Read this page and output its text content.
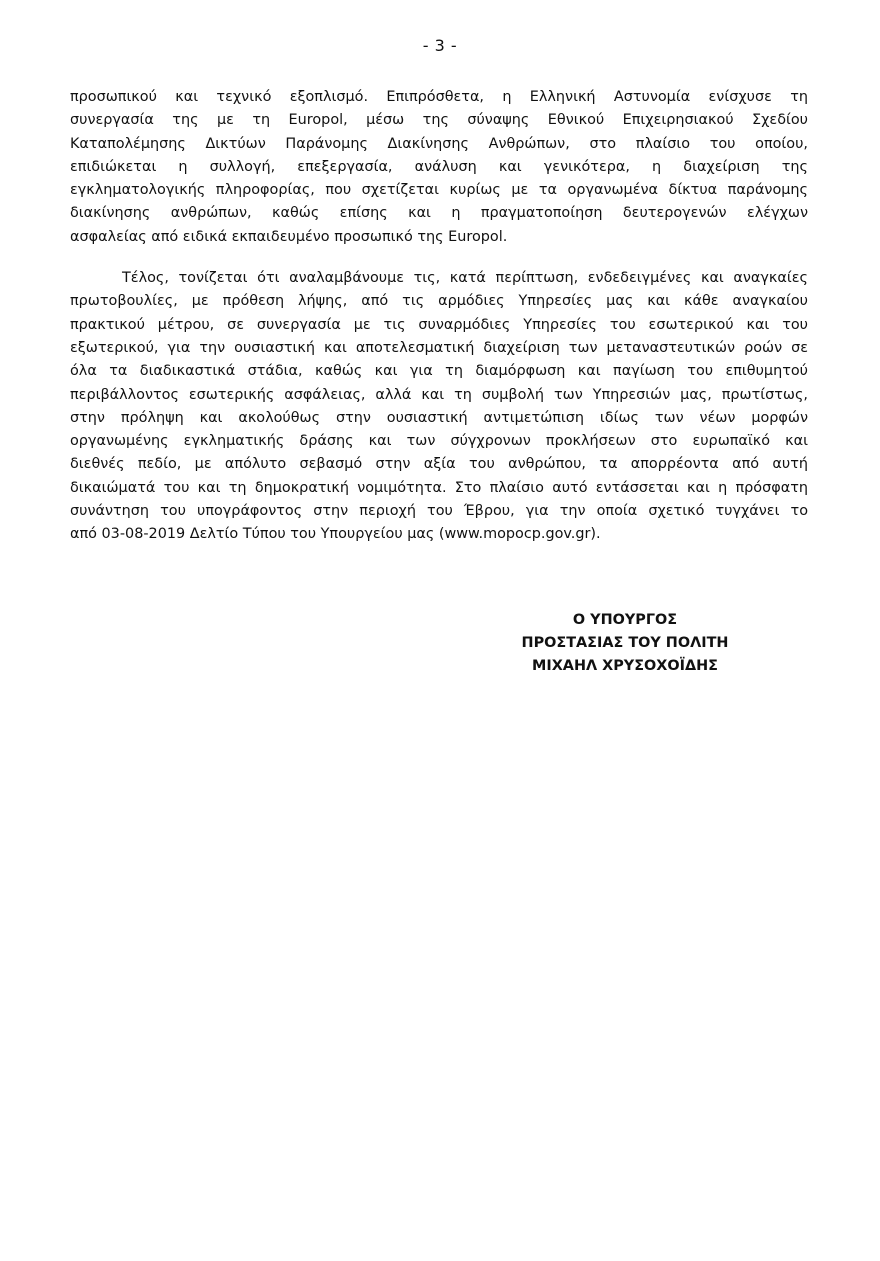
- 3 -
προσωπικού και τεχνικό εξοπλισμό. Επιπρόσθετα, η Ελληνική Αστυνομία ενίσχυσε τη
συνεργασία της με τη Europol, μέσω της σύναψης Εθνικού Επιχειρησιακού Σχεδίου
Καταπολέμησης Δικτύων Παράνομης Διακίνησης Ανθρώπων, στο πλαίσιο του οποίου,
επιδιώκεται η συλλογή, επεξεργασία, ανάλυση και γενικότερα, η διαχείριση της
εγκληματολογικής πληροφορίας, που σχετίζεται κυρίως με τα οργανωμένα δίκτυα παράνομης
διακίνησης ανθρώπων, καθώς επίσης και η πραγματοποίηση δευτερογενών ελέγχων
ασφαλείας από ειδικά εκπαιδευμένο προσωπικό της Europol.
Τέλος, τονίζεται ότι αναλαμβάνουμε τις, κατά περίπτωση, ενδεδειγμένες και αναγκαίες
πρωτοβουλίες, με πρόθεση λήψης, από τις αρμόδιες Υπηρεσίες μας και κάθε αναγκαίου
πρακτικού μέτρου, σε συνεργασία με τις συναρμόδιες Υπηρεσίες του εσωτερικού και του
εξωτερικού, για την ουσιαστική και αποτελεσματική διαχείριση των μεταναστευτικών ροών σε
όλα τα διαδικαστικά στάδια, καθώς και για τη διαμόρφωση και παγίωση του επιθυμητού
περιβάλλοντος εσωτερικής ασφάλειας, αλλά και τη συμβολή των Υπηρεσιών μας, πρωτίστως,
στην πρόληψη και ακολούθως στην ουσιαστική αντιμετώπιση ιδίως των νέων μορφών
οργανωμένης εγκληματικής δράσης και των σύγχρονων προκλήσεων στο ευρωπαϊκό και
διεθνές πεδίο, με απόλυτο σεβασμό στην αξία του ανθρώπου, τα απορρέοντα από αυτή
δικαιώματά του και τη δημοκρατική νομιμότητα. Στο πλαίσιο αυτό εντάσσεται και η πρόσφατη
συνάντηση του υπογράφοντος στην περιοχή του Έβρου, για την οποία σχετικό τυγχάνει το
από 03-08-2019 Δελτίο Τύπου του Υπουργείου μας (www.mopocp.gov.gr).
Ο ΥΠΟΥΡΓΟΣ
ΠΡΟΣΤΑΣΙΑΣ ΤΟΥ ΠΟΛΙΤΗ
ΜΙΧΑΗΛ ΧΡΥΣΟΧΟΪΔΗΣ
